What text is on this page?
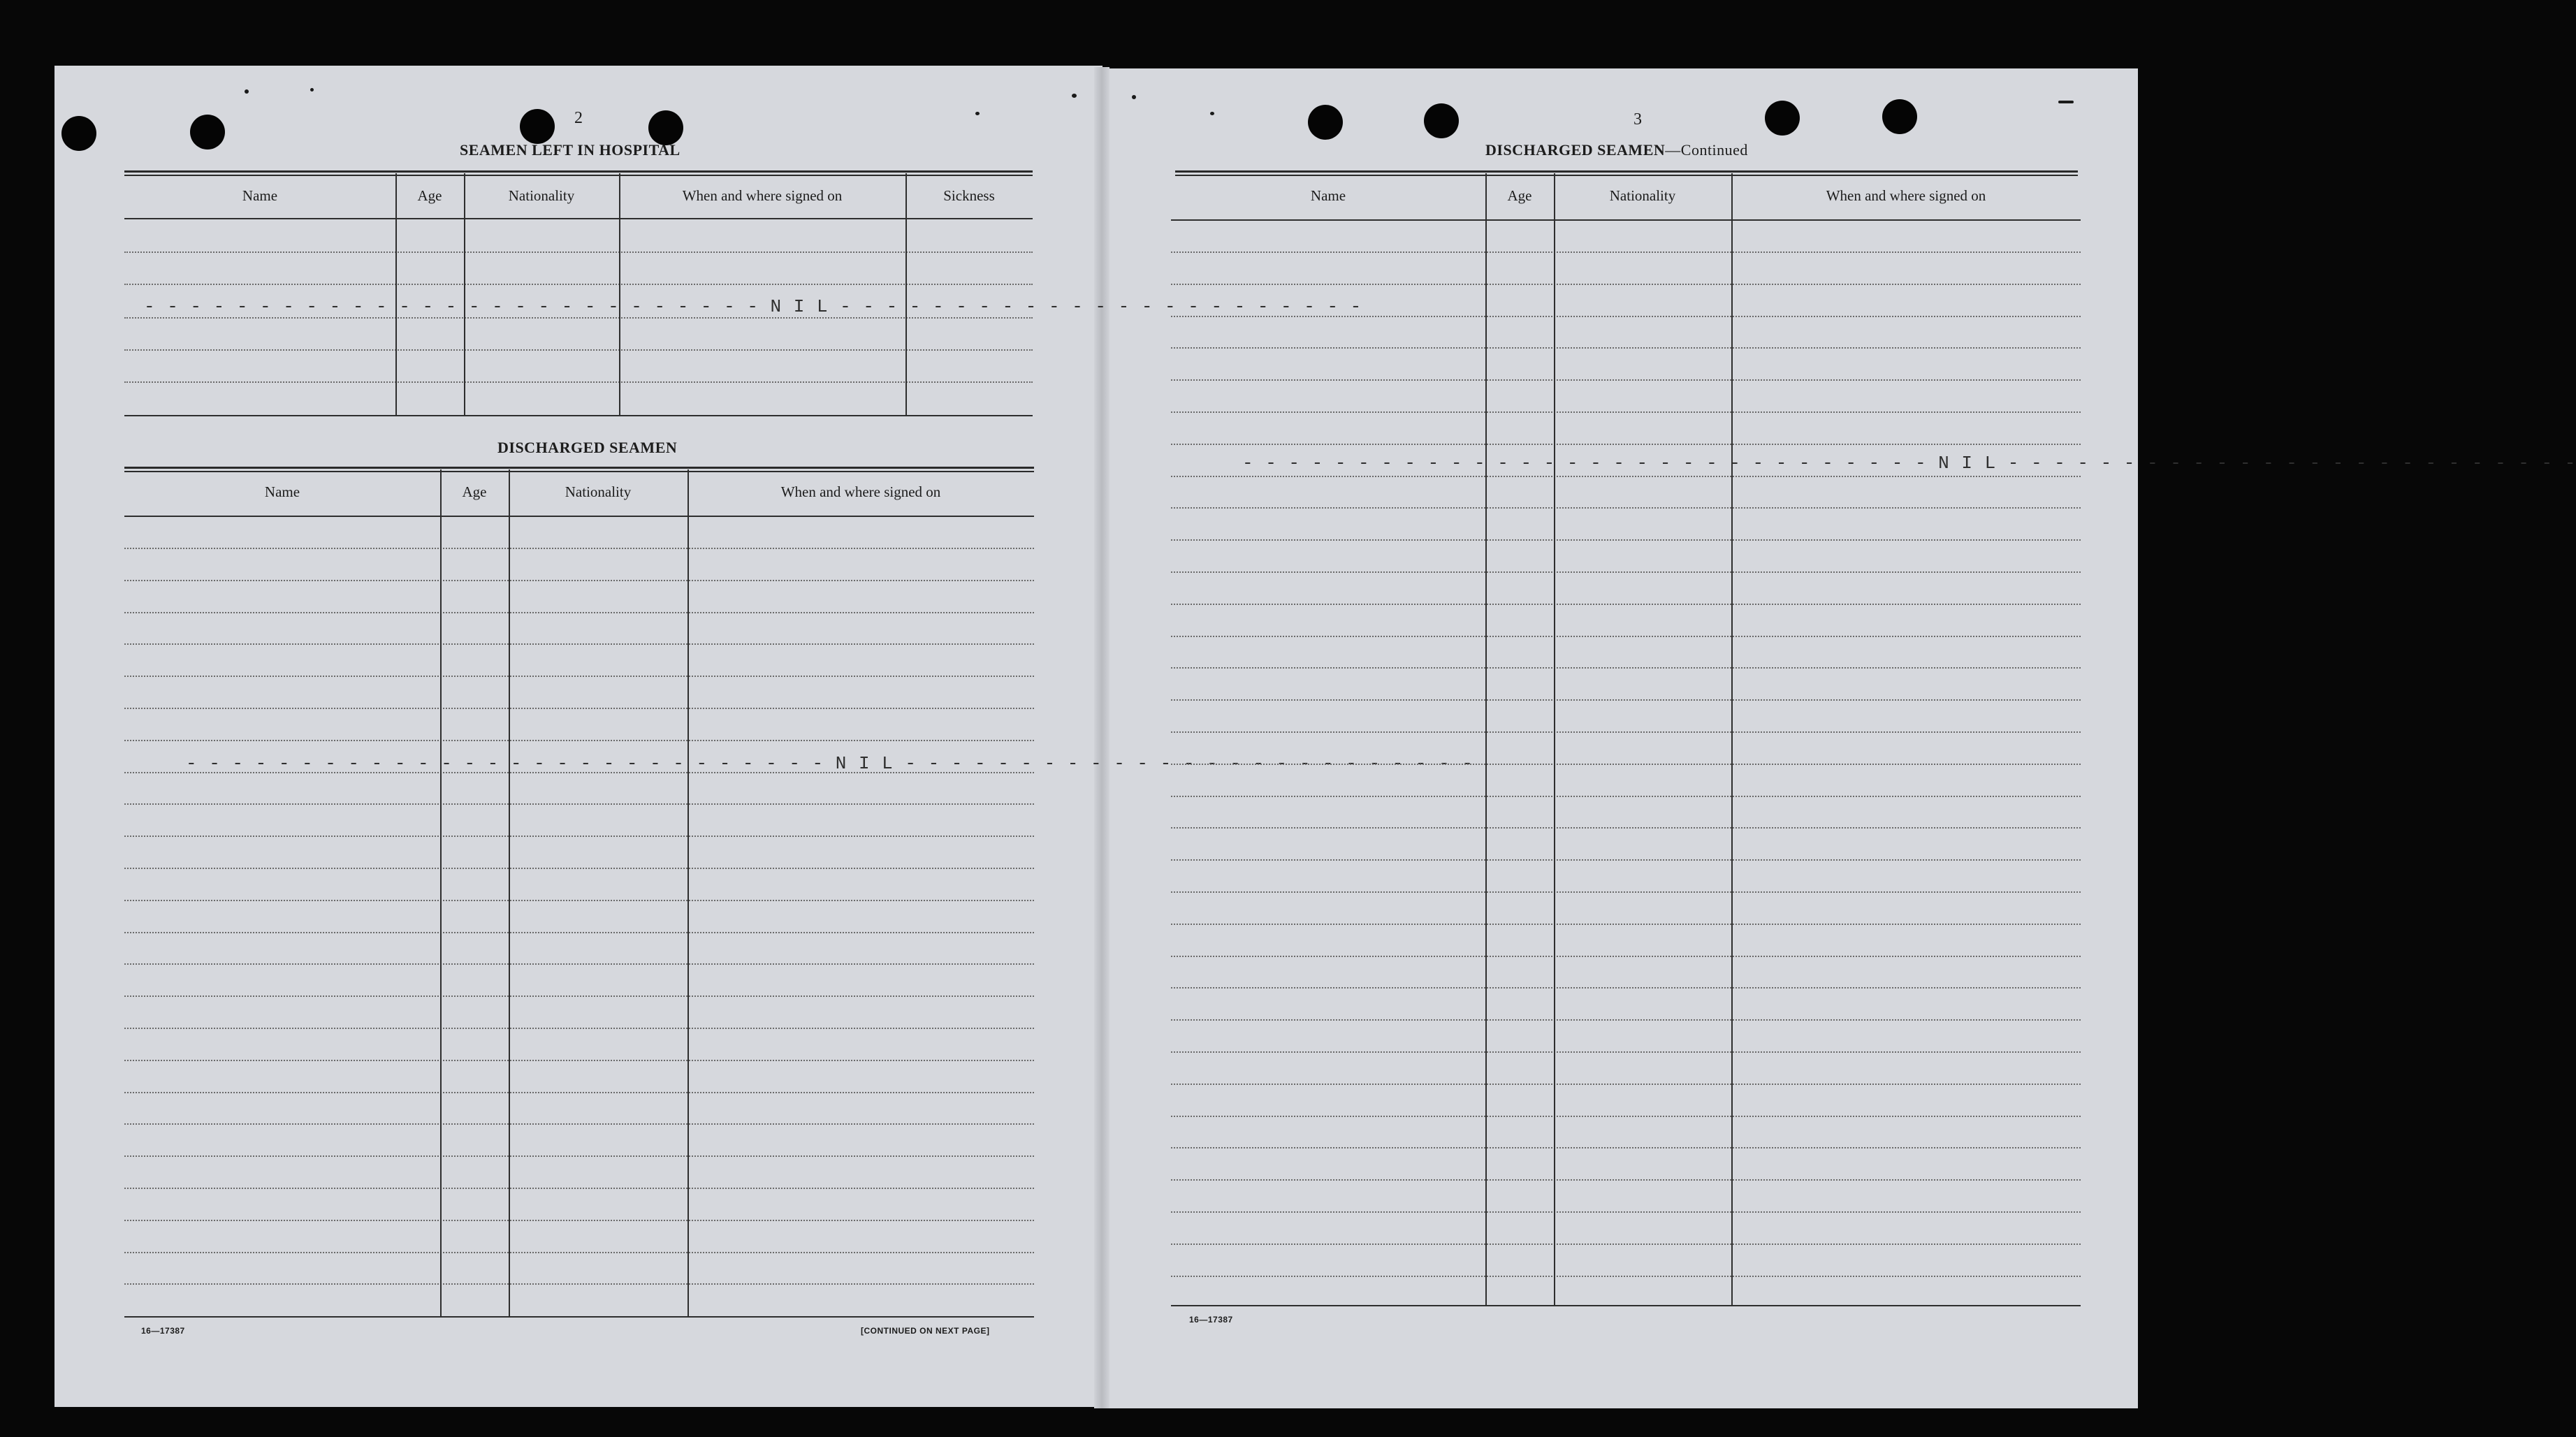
2
SEAMEN LEFT IN HOSPITAL
Name	Age	Nationality	When and where signed on	Sickness
- - - - - - - - - - - - - - - - - - - - - - - - - - - N I L - - - - - - - - - - - - - - - - - - - - - - -
DISCHARGED SEAMEN
Name	Age	Nationality	When and where signed on
- - - - - - - - - - - - - - - - - - - - - - - - - - - - N I L - - - - - - - - - - - - - - - - - - - - - - - - -
16—17387	[CONTINUED ON NEXT PAGE]
3
DISCHARGED SEAMEN—Continued
Name	Age	Nationality	When and where signed on
- - - - - - - - - - - - - - - - - - - - - - - - - - - - - - N I L - - - - - - - - - - - - - - - - - - - - - - - - -
16—17387
